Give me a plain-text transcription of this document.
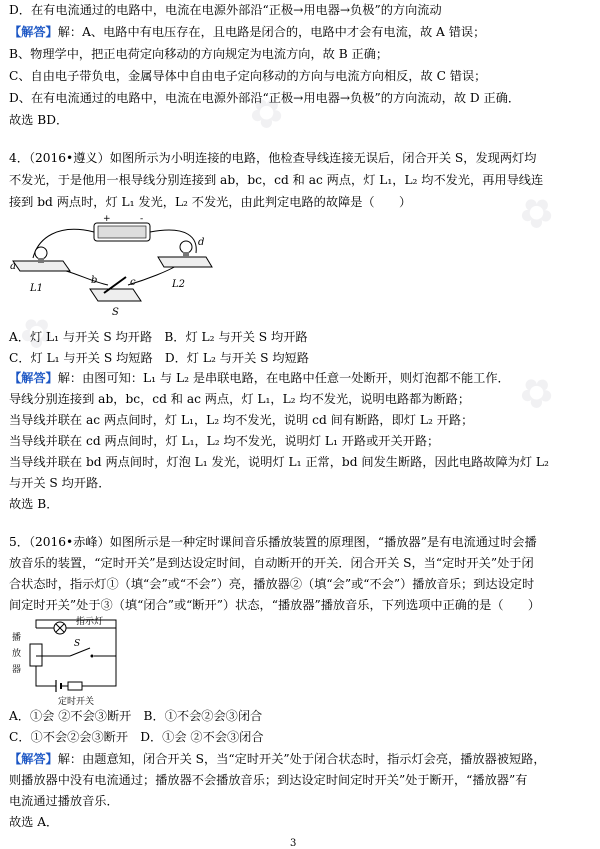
✿
✿
✿
✿
D．在有电流通过的电路中，电流在电源外部沿“正极→用电器→负极”的方向流动
【解答】解：A、电路中有电压存在，且电路是闭合的，电路中才会有电流，故 A 错误；
B、物理学中，把正电荷定向移动的方向规定为电流方向，故 B 正确；
C、自由电子带负电，金属导体中自由电子定向移动的方向与电流方向相反，故 C 错误；
D、在有电流通过的电路中，电流在电源外部沿“正极→用电器→负极”的方向流动，故 D 正确．
故选 BD．
4．（2016•遵义）如图所示为小明连接的电路，他检查导线连接无误后，闭合开关 S，发现两灯均
不发光，于是他用一根导线分别连接到 ab，bc，cd 和 ac 两点，灯 L₁，L₂ 均不发光，再用导线连
接到 bd 两点时，灯 L₁ 发光，L₂ 不发光，由此判定电路的故障是（　　）
+	-
a
b	c
d
L1	L2
S
A．灯 L₁ 与开关 S 均开路　B．灯 L₂ 与开关 S 均开路
C．灯 L₁ 与开关 S 均短路　D．灯 L₂ 与开关 S 均短路
【解答】解：由图可知：L₁ 与 L₂ 是串联电路，在电路中任意一处断开，则灯泡都不能工作．
导线分别连接到 ab，bc，cd 和 ac 两点，灯 L₁，L₂ 均不发光，说明电路都为断路；
当导线并联在 ac 两点间时，灯 L₁，L₂ 均不发光，说明 cd 间有断路，即灯 L₂ 开路；
当导线并联在 cd 两点间时，灯 L₁，L₂ 均不发光，说明灯 L₁ 开路或开关开路；
当导线并联在 bd 两点间时，灯泡 L₁ 发光，说明灯 L₁ 正常，bd 间发生断路，因此电路故障为灯 L₂
与开关 S 均开路．
故选 B．
5．（2016•赤峰）如图所示是一种定时课间音乐播放装置的原理图，“播放器”是有电流通过时会播
放音乐的装置，“定时开关”是到达设定时间，自动断开的开关．闭合开关 S，当“定时开关”处于闭
合状态时，指示灯①（填“会”或“不会”）亮，播放器②（填“会”或“不会”）播放音乐；到达设定时
间定时开关”处于③（填“闭合”或“断开”）状态，“播放器”播放音乐，下列选项中正确的是（　　）
指示灯
播
放
器
S
定时开关
A．①会 ②不会③断开　B．①不会②会③闭合
C．①不会②会③断开　D．①会 ②不会③闭合
【解答】解：由题意知，闭合开关 S，当“定时开关”处于闭合状态时，指示灯会亮，播放器被短路，
则播放器中没有电流通过；播放器不会播放音乐；到达设定时间定时开关”处于断开，“播放器”有
电流通过播放音乐．
故选 A．
3
